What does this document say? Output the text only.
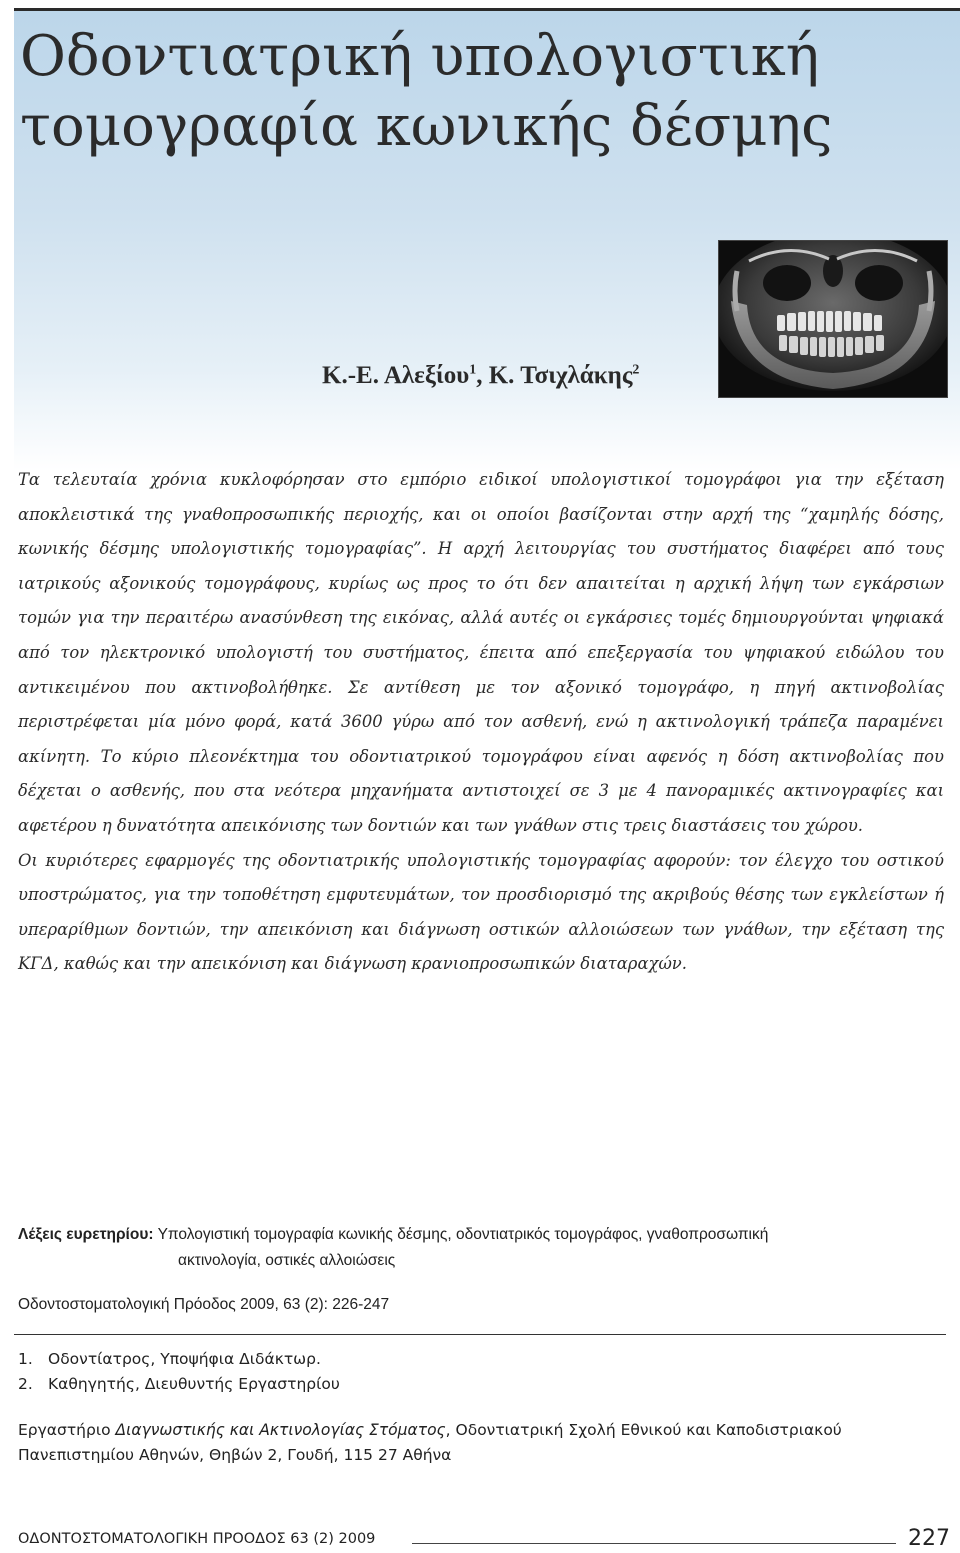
Οδοντιατρική υπολογιστική
τομογραφία κωνικής δέσμης
Κ.-Ε. Αλεξίου$^1$, Κ. Τσιχλάκης$^2$

Τα τελευταία χρόνια κυκλοφόρησαν στο εμπόριο ειδικοί υπολογιστικοί τομογράφοι για την εξέταση αποκλειστικά της γναθοπροσωπικής περιοχής, και οι οποίοι βασίζονται στην αρχή της “χαμηλής δόσης, κωνικής δέσμης υπολογιστικής τομογραφίας”. Η αρχή λειτουργίας του συστήματος διαφέρει από τους ιατρικούς αξονικούς τομογράφους, κυρίως ως προς το ότι δεν απαιτείται η αρχική λήψη των εγκάρσιων τομών για την περαιτέρω ανασύνθεση της εικόνας, αλλά αυτές οι εγκάρσιες τομές δημιουργούνται ψηφιακά από τον ηλεκτρονικό υπολογιστή του συστήματος, έπειτα από επεξεργασία του ψηφιακού ειδώλου του αντικειμένου που ακτινοβολήθηκε. Σε αντίθεση με τον αξονικό τομογράφο, η πηγή ακτινοβολίας περιστρέφεται μία μόνο φορά, κατά 3600 γύρω από τον ασθενή, ενώ η ακτινολογική τράπεζα παραμένει ακίνητη. Το κύριο πλεονέκτημα του οδοντιατρικού τομογράφου είναι αφενός η δόση ακτινοβολίας που δέχεται ο ασθενής, που στα νεότερα μηχανήματα αντιστοιχεί σε 3 με 4 πανοραμικές ακτινογραφίες και αφετέρου η δυνατότητα απεικόνισης των δοντιών και των γνάθων στις τρεις διαστάσεις του χώρου.

Οι κυριότερες εφαρμογές της οδοντιατρικής υπολογιστικής τομογραφίας αφορούν: τον έλεγχο του οστικού υποστρώματος, για την τοποθέτηση εμφυτευμάτων, τον προσδιορισμό της ακριβούς θέσης των εγκλείστων ή υπεραρίθμων δοντιών, την απεικόνιση και διάγνωση οστικών αλλοιώσεων των γνάθων, την εξέταση της ΚΓΔ, καθώς και την απεικόνιση και διάγνωση κρανιοπροσωπικών διαταραχών.

Λέξεις ευρετηρίου: Υπολογιστική τομογραφία κωνικής δέσμης, οδοντιατρικός τομογράφος, γναθοπροσωπική
ακτινολογία, οστικές αλλοιώσεις
Οδοντοστοματολογική Πρόοδος 2009, 63 (2): 226-247
1. Οδοντίατρος, Υποψήφια Διδάκτωρ.
2. Καθηγητής, Διευθυντής Εργαστηρίου
Εργαστήριο Διαγνωστικής και Ακτινολογίας Στόματος, Οδοντιατρική Σχολή Εθνικού και Καποδιστριακού Πανεπιστημίου Αθηνών, Θηβών 2, Γουδή, 115 27 Αθήνα
ΟΔΟΝΤΟΣΤΟΜΑΤΟΛΟΓΙΚΗ ΠΡΟΟΔΟΣ 63 (2) 2009	227
